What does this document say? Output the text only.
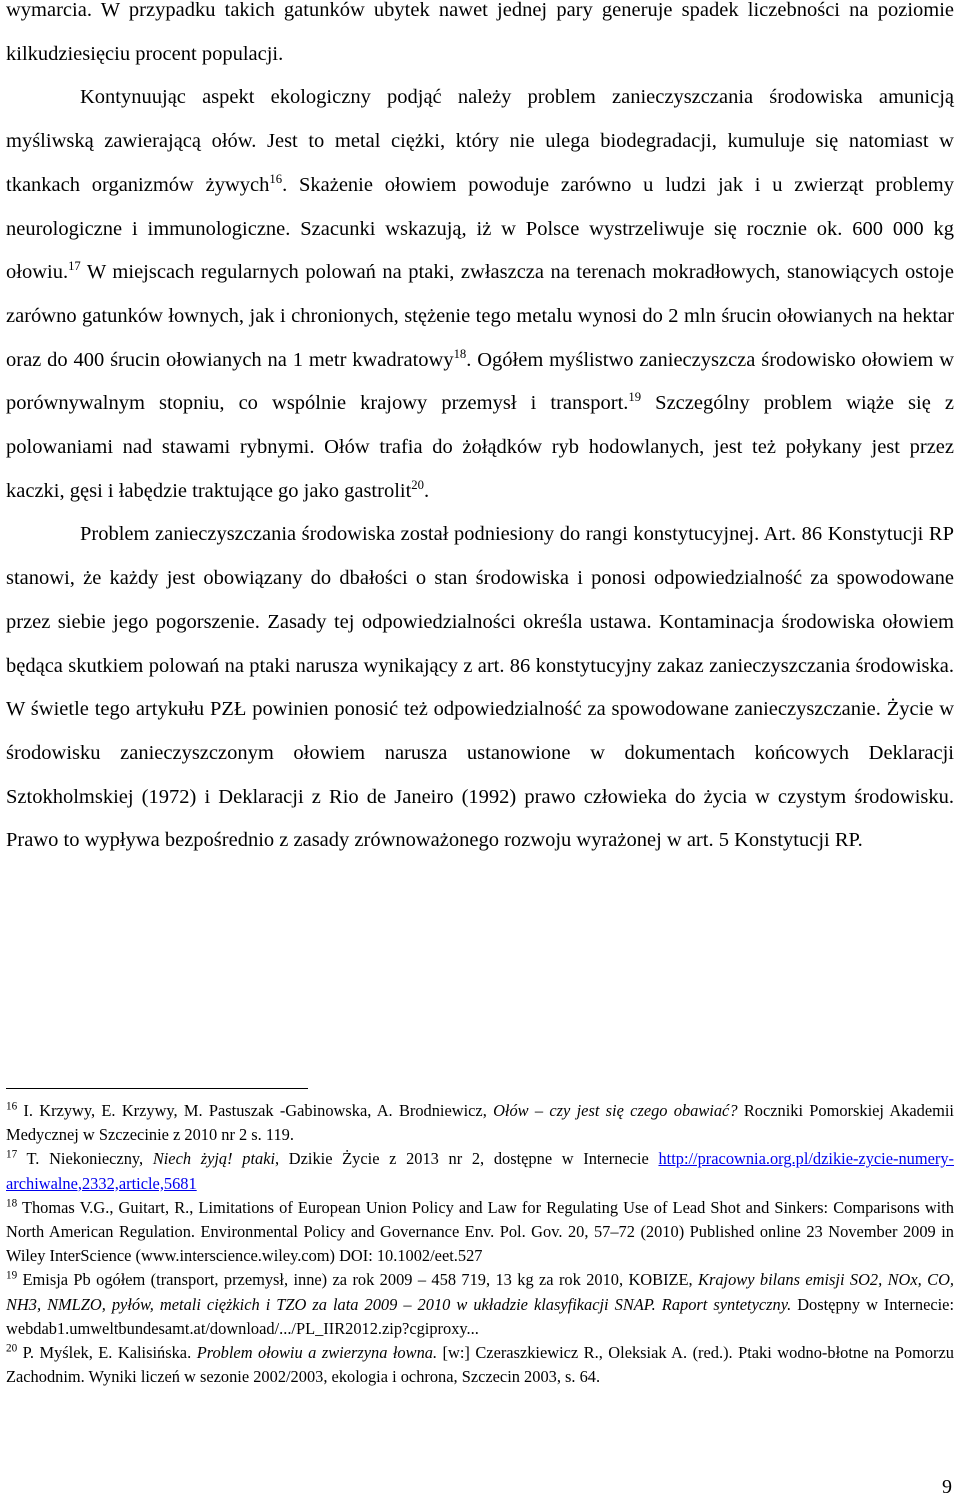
wymarcia. W przypadku takich gatunków ubytek nawet jednej pary generuje spadek liczebności na poziomie kilkudziesięciu procent populacji.

Kontynuując aspekt ekologiczny podjąć należy problem zanieczyszczania środowiska amunicją myśliwską zawierającą ołów. Jest to metal ciężki, który nie ulega biodegradacji, kumuluje się natomiast w tkankach organizmów żywych$^{16}$. Skażenie ołowiem powoduje zarówno u ludzi jak i u zwierząt problemy neurologiczne i immunologiczne. Szacunki wskazują, iż w Polsce wystrzeliwuje się rocznie ok. 600 000 kg ołowiu.$^{17}$ W miejscach regularnych polowań na ptaki, zwłaszcza na terenach mokradłowych, stanowiących ostoje zarówno gatunków łownych, jak i chronionych, stężenie tego metalu wynosi do 2 mln śrucin ołowianych na hektar oraz do 400 śrucin ołowianych na 1 metr kwadratowy$^{18}$. Ogółem myślistwo zanieczyszcza środowisko ołowiem w porównywalnym stopniu, co wspólnie krajowy przemysł i transport.$^{19}$ Szczególny problem wiąże się z polowaniami nad stawami rybnymi. Ołów trafia do żołądków ryb hodowlanych, jest też połykany jest przez kaczki, gęsi i łabędzie traktujące go jako gastrolit$^{20}$.

Problem zanieczyszczania środowiska został podniesiony do rangi konstytucyjnej. Art. 86 Konstytucji RP stanowi, że każdy jest obowiązany do dbałości o stan środowiska i ponosi odpowiedzialność za spowodowane przez siebie jego pogorszenie. Zasady tej odpowiedzialności określa ustawa. Kontaminacja środowiska ołowiem będąca skutkiem polowań na ptaki narusza wynikający z art. 86 konstytucyjny zakaz zanieczyszczania środowiska. W świetle tego artykułu PZŁ powinien ponosić też odpowiedzialność za spowodowane zanieczyszczanie. Życie w środowisku zanieczyszczonym ołowiem narusza ustanowione w dokumentach końcowych Deklaracji Sztokholmskiej (1972) i Deklaracji z Rio de Janeiro (1992) prawo człowieka do życia w czystym środowisku. Prawo to wypływa bezpośrednio z zasady zrównoważonego rozwoju wyrażonej w art. 5 Konstytucji RP.

$^{16}$ I. Krzywy, E. Krzywy, M. Pastuszak ‑Gabinowska, A. Brodniewicz, Ołów – czy jest się czego obawiać? Roczniki Pomorskiej Akademii Medycznej w Szczecinie z 2010 nr 2 s. 119.

$^{17}$ T. Niekonieczny, Niech żyją! ptaki, Dzikie Życie z 2013 nr 2, dostępne w Internecie http://pracownia.org.pl/dzikie-zycie-numery-archiwalne,2332,article,5681

$^{18}$ Thomas V.G., Guitart, R., Limitations of European Union Policy and Law for Regulating Use of Lead Shot and Sinkers: Comparisons with North American Regulation. Environmental Policy and Governance Env. Pol. Gov. 20, 57–72 (2010) Published online 23 November 2009 in Wiley InterScience (www.interscience.wiley.com) DOI: 10.1002/eet.527

$^{19}$ Emisja Pb ogółem (transport, przemysł, inne) za rok 2009 – 458 719, 13 kg za rok 2010, KOBIZE, Krajowy bilans emisji SO2, NOx, CO, NH3, NMLZO, pyłów, metali ciężkich i TZO za lata 2009 – 2010 w układzie klasyfikacji SNAP. Raport syntetyczny. Dostępny w Internecie: webdab1.umweltbundesamt.at/download/.../PL_IIR2012.zip?cgiproxy...

$^{20}$ P. Myślek, E. Kalisińska. Problem ołowiu a zwierzyna łowna. [w:] Czeraszkiewicz R., Oleksiak A. (red.). Ptaki wodno-błotne na Pomorzu Zachodnim. Wyniki liczeń w sezonie 2002/2003, ekologia i ochrona, Szczecin 2003, s. 64.

9
